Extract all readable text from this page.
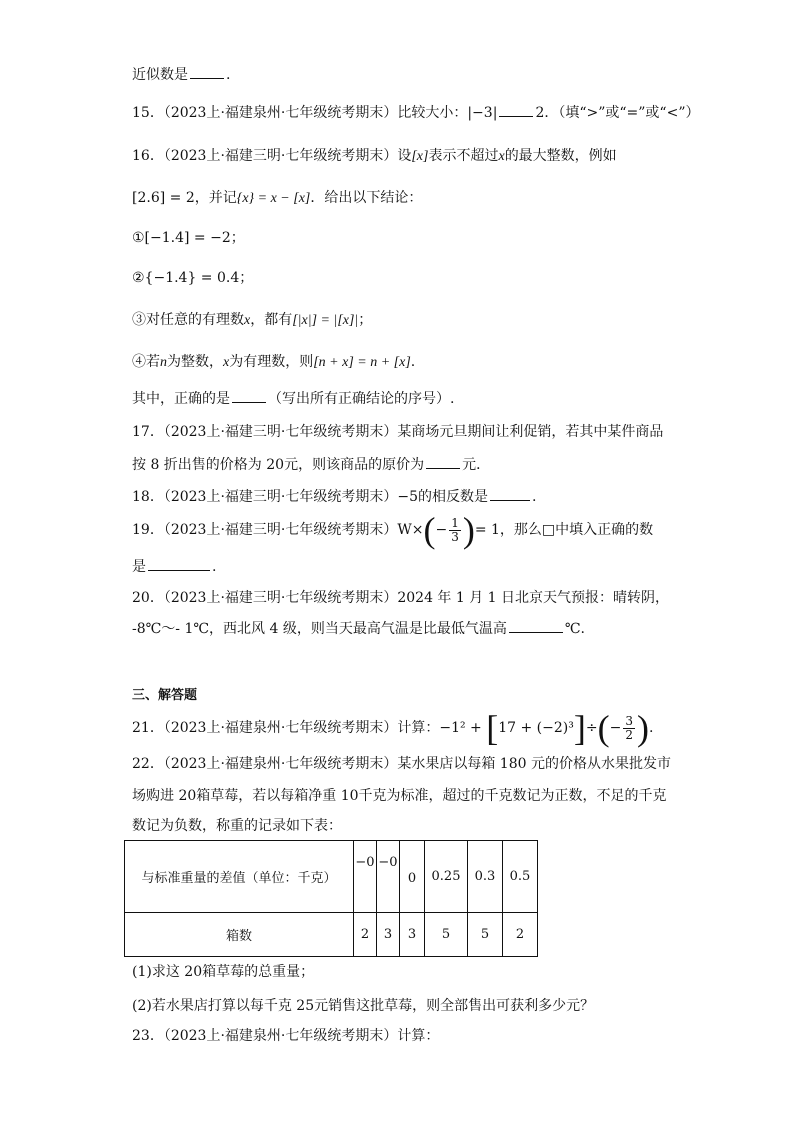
近似数是	.
15．（2023上·福建泉州·七年级统考期末）比较大小：|−3|	2．（填“>”或“=”或“<”）
16．（2023上·福建三明·七年级统考期末）设[x]表示不超过x的最大整数，例如
[2.6] = 2，并记{x} = x − [x]．给出以下结论：
①[−1.4] = −2；
②{−1.4} = 0.4；
③对任意的有理数x，都有[|x|] = |[x]|；
④若n为整数，x为有理数，则[n + x] = n + [x].
其中，正确的是	（写出所有正确结论的序号）.
17．（2023上·福建三明·七年级统考期末）某商场元旦期间让利促销，若其中某件商品
按 8 折出售的价格为 20元，则该商品的原价为	元．
18．（2023上·福建三明·七年级统考期末）−5的相反数是	.
19．（2023上·福建三明·七年级统考期末）$W\times(- \frac{1}{3}$ )= 1，那么□中填入正确的数
是	.
20．（2023上·福建三明·七年级统考期末）2024 年 1 月 1 日北京天气预报：晴转阴，
-8℃～- 1℃，西北风 4 级，则当天最高气温是比最低气温高	℃.
三、解答题
21．（2023上·福建泉州·七年级统考期末）计算：$-1^2 + [17 + (-2)^3]\div(- \frac{3}{2}$ ).
22．（2023上·福建泉州·七年级统考期末）某水果店以每箱 180 元的价格从水果批发市
场购进 20箱草莓，若以每箱净重 10千克为标准，超过的千克数记为正数，不足的千克
数记为负数，称重的记录如下表：
与标准重量的差值（单位：千克）	−0	−0	0	0.25	0.3	0.5
箱数	2	3	3	5	5	2
(1)求这 20箱草莓的总重量；
(2)若水果店打算以每千克 25元销售这批草莓，则全部售出可获利多少元？
23．（2023上·福建泉州·七年级统考期末）计算：
